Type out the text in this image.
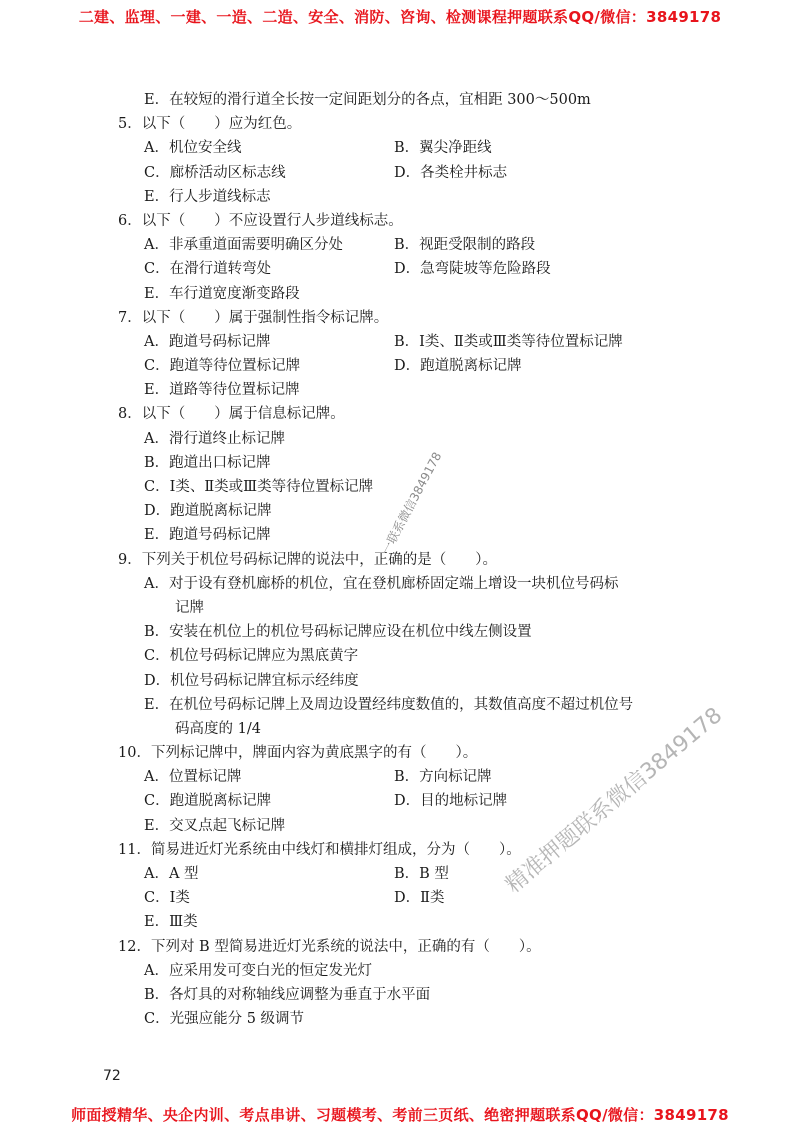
二建、监理、一建、一造、二造、安全、消防、咨询、检测课程押题联系QQ/微信：3849178
E．在较短的滑行道全长按一定间距划分的各点，宜相距 300～500m
5．以下（　　）应为红色。
A．机位安全线	B．翼尖净距线
C．廊桥活动区标志线	D．各类栓井标志
E．行人步道线标志
6．以下（　　）不应设置行人步道线标志。
A．非承重道面需要明确区分处	B．视距受限制的路段
C．在滑行道转弯处	D．急弯陡坡等危险路段
E．车行道宽度渐变路段
7．以下（　　）属于强制性指令标记牌。
A．跑道号码标记牌	B．Ⅰ类、Ⅱ类或Ⅲ类等待位置标记牌
C．跑道等待位置标记牌	D．跑道脱离标记牌
E．道路等待位置标记牌
8．以下（　　）属于信息标记牌。
A．滑行道终止标记牌
B．跑道出口标记牌
C．Ⅰ类、Ⅱ类或Ⅲ类等待位置标记牌
D．跑道脱离标记牌
E．跑道号码标记牌
9．下列关于机位号码标记牌的说法中，正确的是（　　）。
A．对于设有登机廊桥的机位，宜在登机廊桥固定端上增设一块机位号码标
记牌
B．安装在机位上的机位号码标记牌应设在机位中线左侧设置
C．机位号码标记牌应为黑底黄字
D．机位号码标记牌宜标示经纬度
E．在机位号码标记牌上及周边设置经纬度数值的，其数值高度不超过机位号
码高度的 1/4
10．下列标记牌中，牌面内容为黄底黑字的有（　　）。
A．位置标记牌	B．方向标记牌
C．跑道脱离标记牌	D．目的地标记牌
E．交叉点起飞标记牌
11．简易进近灯光系统由中线灯和横排灯组成，分为（　　）。
A．A 型	B．B 型
C．Ⅰ类	D．Ⅱ类
E．Ⅲ类
12．下列对 B 型简易进近灯光系统的说法中，正确的有（　　）。
A．应采用发可变白光的恒定发光灯
B．各灯具的对称轴线应调整为垂直于水平面
C．光强应能分 5 级调节
一联系微信3849178
精准押题联系微信3849178
72
师面授精华、央企内训、考点串讲、习题模考、考前三页纸、绝密押题联系QQ/微信：3849178
